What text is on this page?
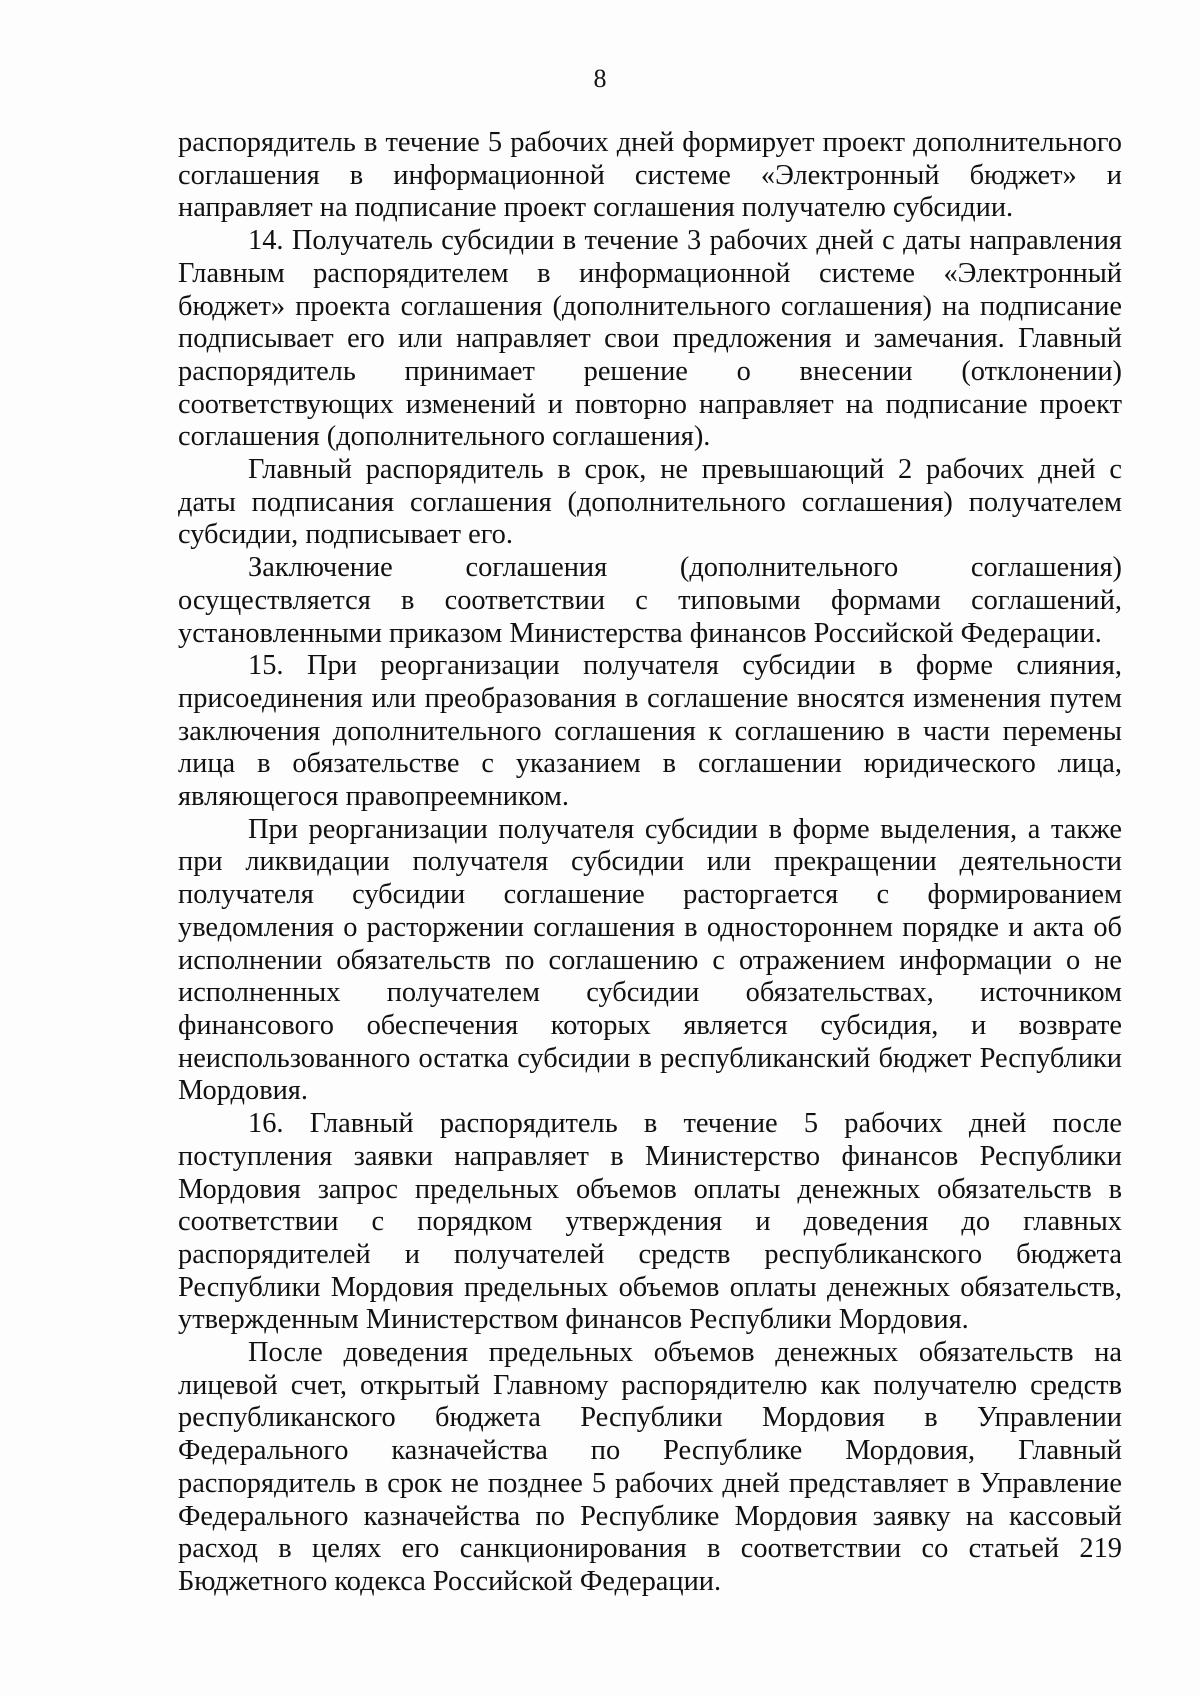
8

распорядитель в течение 5 рабочих дней формирует проект дополнительного соглашения в информационной системе «Электронный бюджет» и направляет на подписание проект соглашения получателю субсидии.

14. Получатель субсидии в течение 3 рабочих дней с даты направления Главным распорядителем в информационной системе «Электронный бюджет» проекта соглашения (дополнительного соглашения) на подписание подписывает его или направляет свои предложения и замечания. Главный распорядитель принимает решение о внесении (отклонении) соответствующих изменений и повторно направляет на подписание проект соглашения (дополнительного соглашения).

Главный распорядитель в срок, не превышающий 2 рабочих дней с даты подписания соглашения (дополнительного соглашения) получателем субсидии, подписывает его.

Заключение соглашения (дополнительного соглашения) осуществляется в соответствии с типовыми формами соглашений, установленными приказом Министерства финансов Российской Федерации.

15. При реорганизации получателя субсидии в форме слияния, присоединения или преобразования в соглашение вносятся изменения путем заключения дополнительного соглашения к соглашению в части перемены лица в обязательстве с указанием в соглашении юридического лица, являющегося правопреемником.

При реорганизации получателя субсидии в форме выделения, а также при ликвидации получателя субсидии или прекращении деятельности получателя субсидии соглашение расторгается с формированием уведомления о расторжении соглашения в одностороннем порядке и акта об исполнении обязательств по соглашению с отражением информации о не исполненных получателем субсидии обязательствах, источником финансового обеспечения которых является субсидия, и возврате неиспользованного остатка субсидии в республиканский бюджет Республики Мордовия.

16. Главный распорядитель в течение 5 рабочих дней после поступления заявки направляет в Министерство финансов Республики Мордовия запрос предельных объемов оплаты денежных обязательств в соответствии с порядком утверждения и доведения до главных распорядителей и получателей средств республиканского бюджета Республики Мордовия предельных объемов оплаты денежных обязательств, утвержденным Министерством финансов Республики Мордовия.

После доведения предельных объемов денежных обязательств на лицевой счет, открытый Главному распорядителю как получателю средств республиканского бюджета Республики Мордовия в Управлении Федерального казначейства по Республике Мордовия, Главный распорядитель в срок не позднее 5 рабочих дней представляет в Управление Федерального казначейства по Республике Мордовия заявку на кассовый расход в целях его санкционирования в соответствии со статьей 219 Бюджетного кодекса Российской Федерации.
